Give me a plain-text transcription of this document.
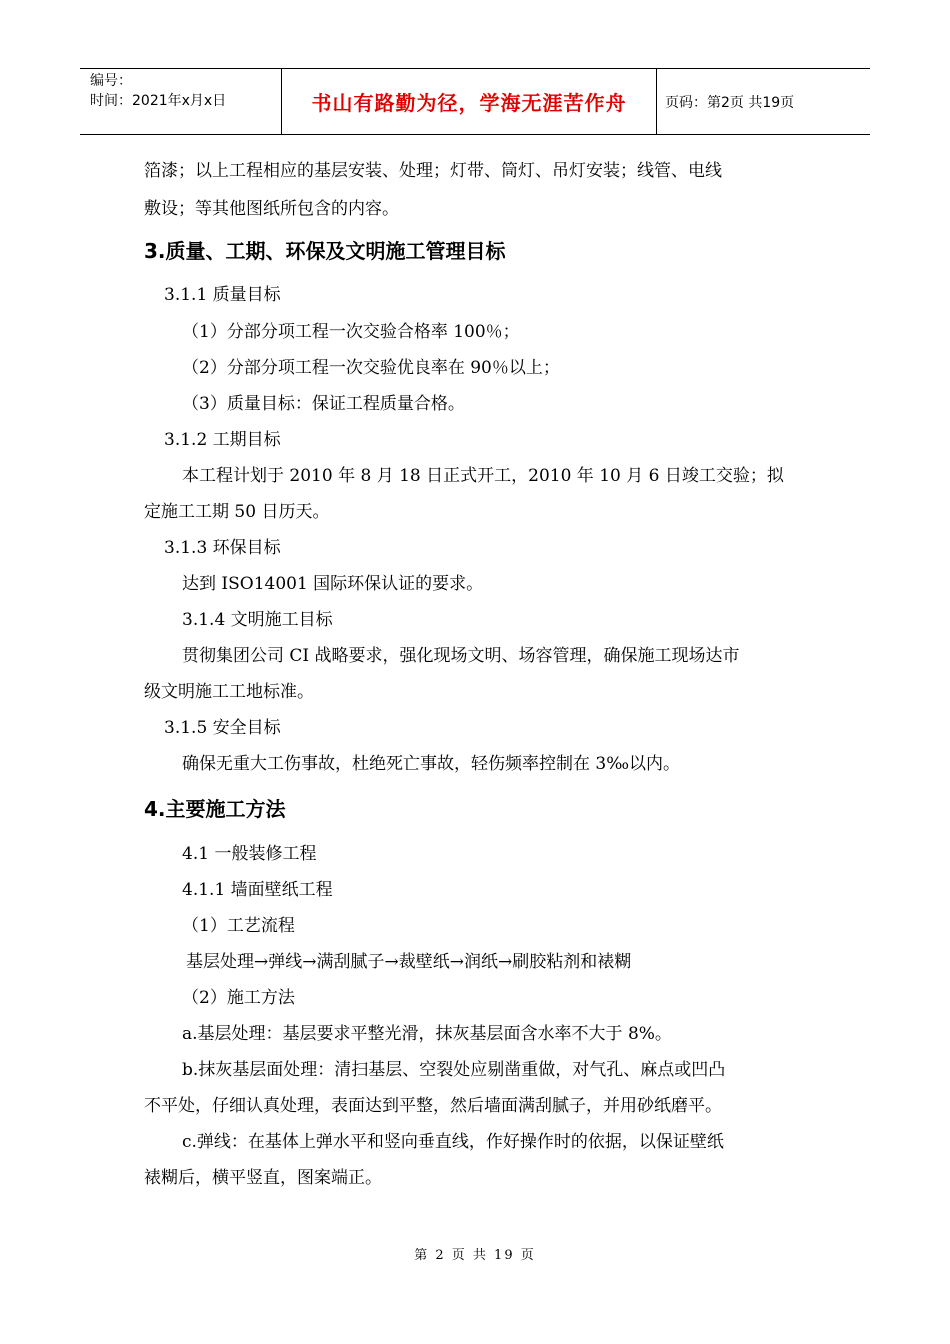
编号：
时间：2021年x月x日	书山有路勤为径，学海无涯苦作舟	页码：第2页 共19页

箔漆；以上工程相应的基层安装、处理；灯带、筒灯、吊灯安装；线管、电线

敷设；等其他图纸所包含的内容。

3.质量、工期、环保及文明施工管理目标

3.1.1 质量目标

（1）分部分项工程一次交验合格率 100％；

（2）分部分项工程一次交验优良率在 90％以上；

（3）质量目标：保证工程质量合格。

3.1.2 工期目标

本工程计划于 2010 年 8 月 18 日正式开工，2010 年 10 月 6 日竣工交验；拟

定施工工期 50 日历天。

3.1.3 环保目标

达到 ISO14001 国际环保认证的要求。

3.1.4 文明施工目标

贯彻集团公司 CI 战略要求，强化现场文明、场容管理，确保施工现场达市

级文明施工工地标准。

3.1.5 安全目标

确保无重大工伤事故，杜绝死亡事故，轻伤频率控制在 3‰以内。

4.主要施工方法

4.1 一般装修工程

4.1.1 墙面壁纸工程

（1）工艺流程

基层处理→弹线→满刮腻子→裁壁纸→润纸→刷胶粘剂和裱糊

（2）施工方法

a.基层处理：基层要求平整光滑，抹灰基层面含水率不大于 8%。

b.抹灰基层面处理：清扫基层、空裂处应剔凿重做，对气孔、麻点或凹凸

不平处，仔细认真处理，表面达到平整，然后墙面满刮腻子，并用砂纸磨平。

c.弹线：在基体上弹水平和竖向垂直线，作好操作时的依据，以保证壁纸

裱糊后，横平竖直，图案端正。

第 2 页 共 19 页
